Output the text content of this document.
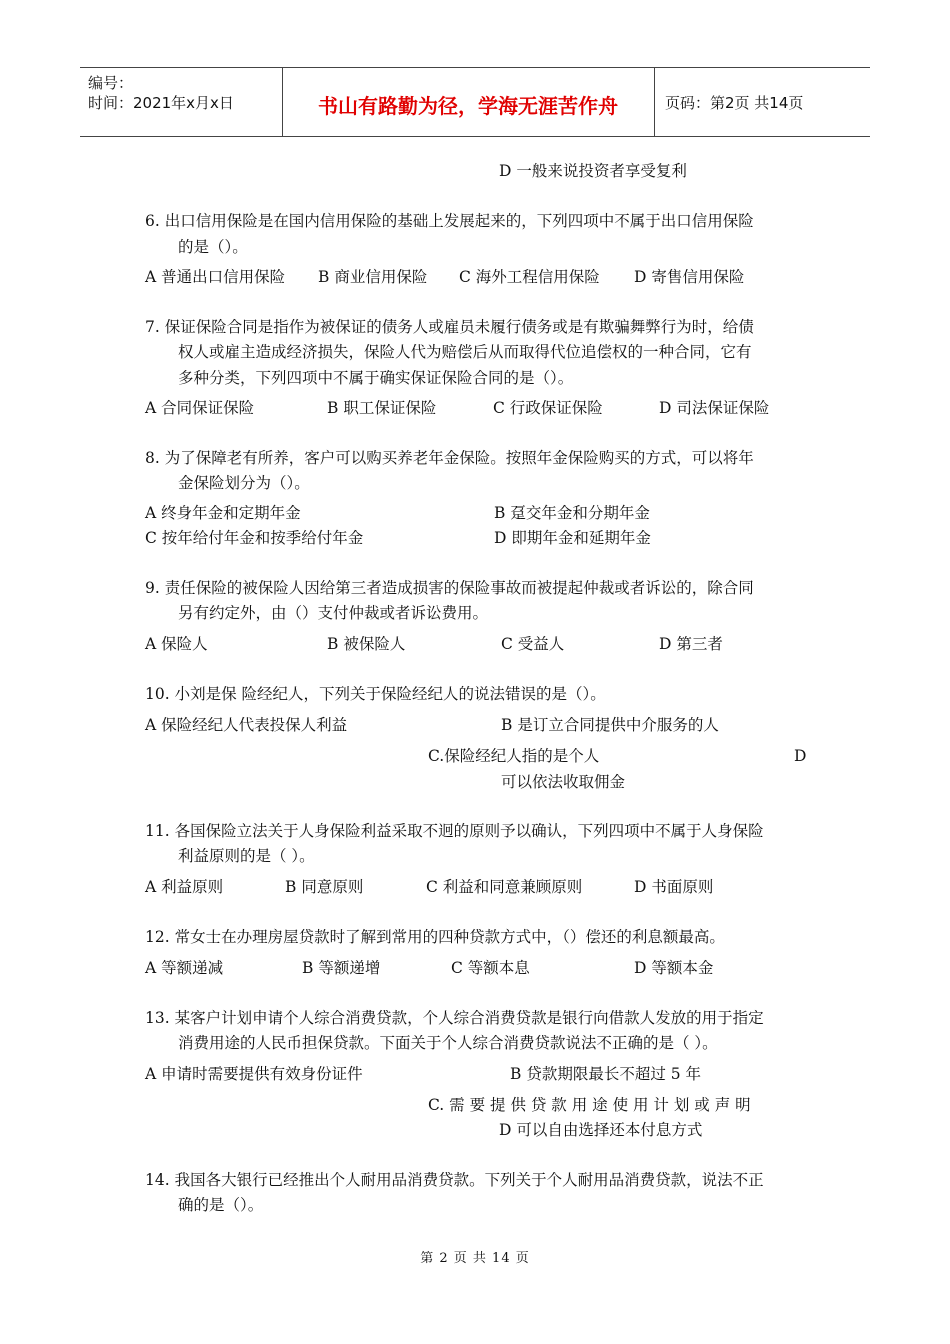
编号：
时间：2021年x月x日	书山有路勤为径，学海无涯苦作舟	页码：第2页 共14页
D 一般来说投资者享受复利
6. 出口信用保险是在国内信用保险的基础上发展起来的，下列四项中不属于出口信用保险
的是（）。
A 普通出口信用保险 B 商业信用保险 C 海外工程信用保险 D 寄售信用保险
7. 保证保险合同是指作为被保证的债务人或雇员未履行债务或是有欺骗舞弊行为时，给债
权人或雇主造成经济损失，保险人代为赔偿后从而取得代位追偿权的一种合同，它有
多种分类，下列四项中不属于确实保证保险合同的是（）。
A 合同保证保险	B 职工保证保险	C 行政保证保险	D 司法保证保险
8. 为了保障老有所养，客户可以购买养老年金保险。按照年金保险购买的方式，可以将年
金保险划分为（）。
A 终身年金和定期年金	B 趸交年金和分期年金
C 按年给付年金和按季给付年金	D 即期年金和延期年金
9. 责任保险的被保险人因给第三者造成损害的保险事故而被提起仲裁或者诉讼的，除合同
另有约定外，由（）支付仲裁或者诉讼费用。
A 保险人	B 被保险人	C 受益人	D 第三者
10. 小刘是保 险经纪人，下列关于保险经纪人的说法错误的是（）。
A 保险经纪人代表投保人利益	B 是订立合同提供中介服务的人
C.保险经纪人指的是个人	D
可以依法收取佣金
11. 各国保险立法关于人身保险利益采取不迥的原则予以确认，下列四项中不属于人身保险
利益原则的是（ ）。
A 利益原则	B 同意原则	C 利益和同意兼顾原则	D 书面原则
12. 常女士在办理房屋贷款时了解到常用的四种贷款方式中，（）偿还的利息额最高。
A 等额递减	B 等额递增	C 等额本息	D 等额本金
13. 某客户计划申请个人综合消费贷款，个人综合消费贷款是银行向借款人发放的用于指定
消费用途的人民币担保贷款。下面关于个人综合消费贷款说法不正确的是（ ）。
A 申请时需要提供有效身份证件	B 贷款期限最长不超过 5 年
C. 需 要 提 供 贷 款 用 途 使 用 计 划 或 声 明
D 可以自由选择还本付息方式
14. 我国各大银行已经推出个人耐用品消费贷款。下列关于个人耐用品消费贷款，说法不正
确的是（）。
第 2 页 共 14 页
